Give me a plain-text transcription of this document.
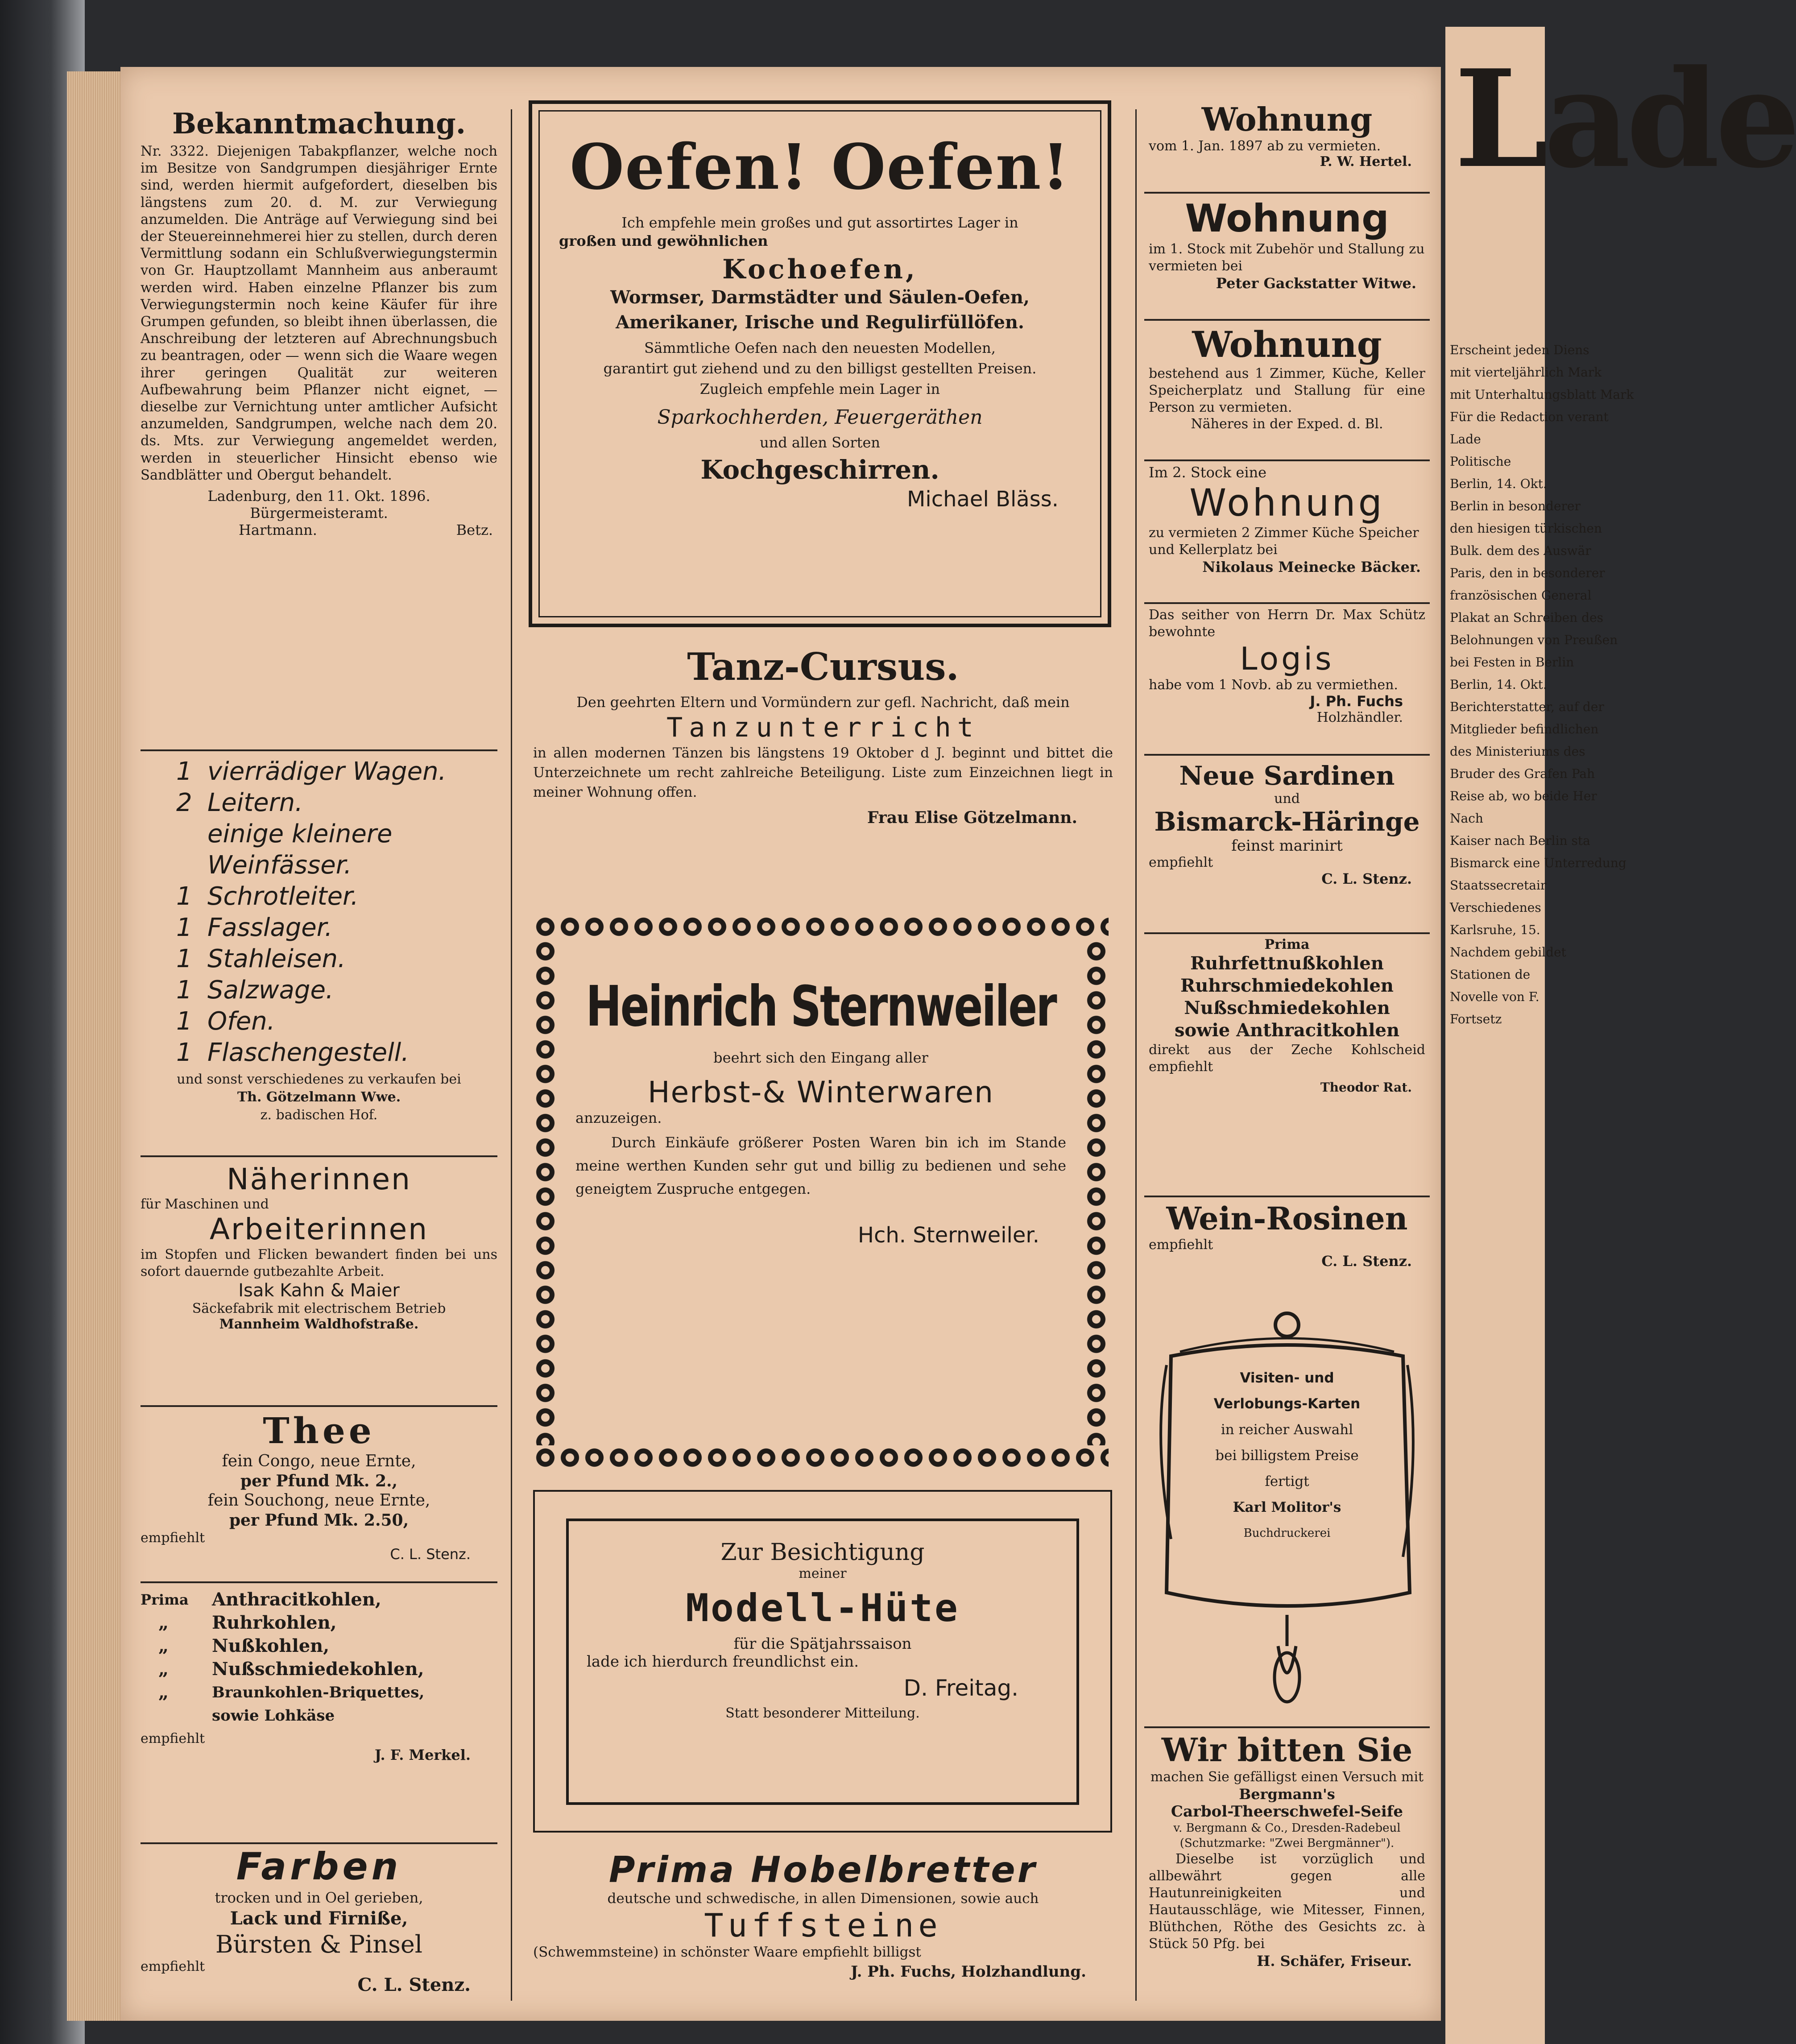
Lade
Erscheint jeden Diens
mit vierteljährlich Mark
mit Unterhaltungsblatt Mark
Für die Redaction verant
Lade
Politische
Berlin, 14. Okt.
Berlin in besonderer
den hiesigen türkischen
Bulk. dem des Auswär
Paris, den in besonderer
französischen General
Plakat an Schreiben des
Belohnungen von Preußen
bei Festen in Berlin
Berlin, 14. Okt.
Berichterstatter, auf der
Mitglieder befindlichen
des Ministeriums des
Bruder des Grafen Pah
Reise ab, wo beide Her
Nach
Kaiser nach Berlin sta
Bismarck eine Unterredung
Staatssecretair
Verschiedenes
Karlsruhe, 15.
Nachdem gebildet
Stationen de
Novelle von F.
Fortsetz
Bekanntmachung.
Nr. 3322. Diejenigen Tabakpflanzer, welche noch im Besitze von Sandgrumpen diesjähriger Ernte sind, werden hiermit aufgefordert, dieselben bis längstens zum 20. d. M. zur Verwiegung anzumelden. Die Anträge auf Verwiegung sind bei der Steuereinnehmerei hier zu stellen, durch deren Vermittlung sodann ein Schlußverwiegungstermin von Gr. Hauptzollamt Mannheim aus anberaumt werden wird. Haben einzelne Pflanzer bis zum Verwiegungstermin noch keine Käufer für ihre Grumpen gefunden, so bleibt ihnen überlassen, die Anschreibung der letzteren auf Abrechnungsbuch zu beantragen, oder — wenn sich die Waare wegen ihrer geringen Qualität zur weiteren Aufbewahrung beim Pflanzer nicht eignet, — dieselbe zur Vernichtung unter amtlicher Aufsicht anzumelden, Sandgrumpen, welche nach dem 20. ds. Mts. zur Verwiegung angemeldet werden, werden in steuerlicher Hinsicht ebenso wie Sandblätter und Obergut behandelt.
Ladenburg, den 11. Okt. 1896.
Bürgermeisteramt.
Hartmann.	Betz.
1 vierrädiger Wagen.
2 Leitern.
einige kleinere
Weinfässer.
1 Schrotleiter.
1 Fasslager.
1 Stahleisen.
1 Salzwage.
1 Ofen.
1 Flaschengestell.
und sonst verschiedenes zu verkaufen bei
Th. Götzelmann Wwe.
z. badischen Hof.
Näherinnen
für Maschinen und
Arbeiterinnen
im Stopfen und Flicken bewandert finden bei uns sofort dauernde gutbezahlte Arbeit.
Isak Kahn & Maier
Säckefabrik mit electrischem Betrieb
Mannheim Waldhofstraße.
Thee
fein Congo, neue Ernte,
per Pfund Mk. 2.,
fein Souchong, neue Ernte,
per Pfund Mk. 2.50,
empfiehlt
C. L. Stenz.
Prima Anthracitkohlen,
Ruhrkohlen,
„
Nußkohlen,
„
Nußschmiedekohlen,
„
Braunkohlen-Briquettes,
„
sowie Lohkäse
empfiehlt
J. F. Merkel.
Farben
trocken und in Oel gerieben,
Lack und Firniße,
Bürsten & Pinsel
empfiehlt
C. L. Stenz.
Oefen! Oefen!
Ich empfehle mein großes und gut assortirtes Lager in
großen und gewöhnlichen
Kochoefen,
Wormser, Darmstädter und Säulen-Oefen,
Amerikaner, Irische und Regulirfüllöfen.
Sämmtliche Oefen nach den neuesten Modellen,
garantirt gut ziehend und zu den billigst gestellten Preisen.
Zugleich empfehle mein Lager in
Sparkochherden, Feuergeräthen
und allen Sorten
Kochgeschirren.
Michael Bläss.
Tanz-Cursus.
Den geehrten Eltern und Vormündern zur gefl. Nachricht, daß mein
Tanzunterricht
in allen modernen Tänzen bis längstens 19 Oktober d J. beginnt und bittet die Unterzeichnete um recht zahlreiche Beteiligung. Liste zum Einzeichnen liegt in meiner Wohnung offen.
Frau Elise Götzelmann.
Heinrich Sternweiler
beehrt sich den Eingang aller
Herbst-& Winterwaren
anzuzeigen.
Durch Einkäufe größerer Posten Waren bin ich im Stande meine werthen Kunden sehr gut und billig zu bedienen und sehe geneigtem Zuspruche entgegen.
Hch. Sternweiler.
Zur Besichtigung
meiner
Modell-Hüte
für die Spätjahrssaison
lade ich hierdurch freundlichst ein.
D. Freitag.
Statt besonderer Mitteilung.
Prima Hobelbretter
deutsche und schwedische, in allen Dimensionen, sowie auch
Tuffsteine
(Schwemmsteine) in schönster Waare empfiehlt billigst
J. Ph. Fuchs, Holzhandlung.
Wohnung
vom 1. Jan. 1897 ab zu vermieten.
P. W. Hertel.
Wohnung
im 1. Stock mit Zubehör und Stallung zu vermieten bei
Peter Gackstatter Witwe.
Wohnung
bestehend aus 1 Zimmer, Küche, Keller Speicherplatz und Stallung für eine Person zu vermieten.
Näheres in der Exped. d. Bl.
Im 2. Stock eine
Wohnung
zu vermieten 2 Zimmer Küche Speicher und Kellerplatz bei
Nikolaus Meinecke Bäcker.
Das seither von Herrn Dr. Max Schütz bewohnte
Logis
habe vom 1 Novb. ab zu vermiethen.
J. Ph. Fuchs
Holzhändler.
Neue Sardinen
und
Bismarck-Häringe
feinst marinirt
empfiehlt
C. L. Stenz.
Prima
Ruhrfettnußkohlen
Ruhrschmiedekohlen
Nußschmiedekohlen
sowie Anthracitkohlen
direkt aus der Zeche Kohlscheid empfiehlt
Theodor Rat.
Wein-Rosinen
empfiehlt
C. L. Stenz.
Visiten- und
Verlobungs-Karten
in reicher Auswahl
bei billigstem Preise
fertigt
Karl Molitor's
Buchdruckerei
Wir bitten Sie
machen Sie gefälligst einen Versuch mit
Bergmann's
Carbol-Theerschwefel-Seife
v. Bergmann & Co., Dresden-Radebeul
(Schutzmarke: "Zwei Bergmänner").
Dieselbe ist vorzüglich und allbewährt gegen alle Hautunreinigkeiten und Hautausschläge, wie Mitesser, Finnen, Blüthchen, Röthe des Gesichts zc. à Stück 50 Pfg. bei
H. Schäfer, Friseur.
